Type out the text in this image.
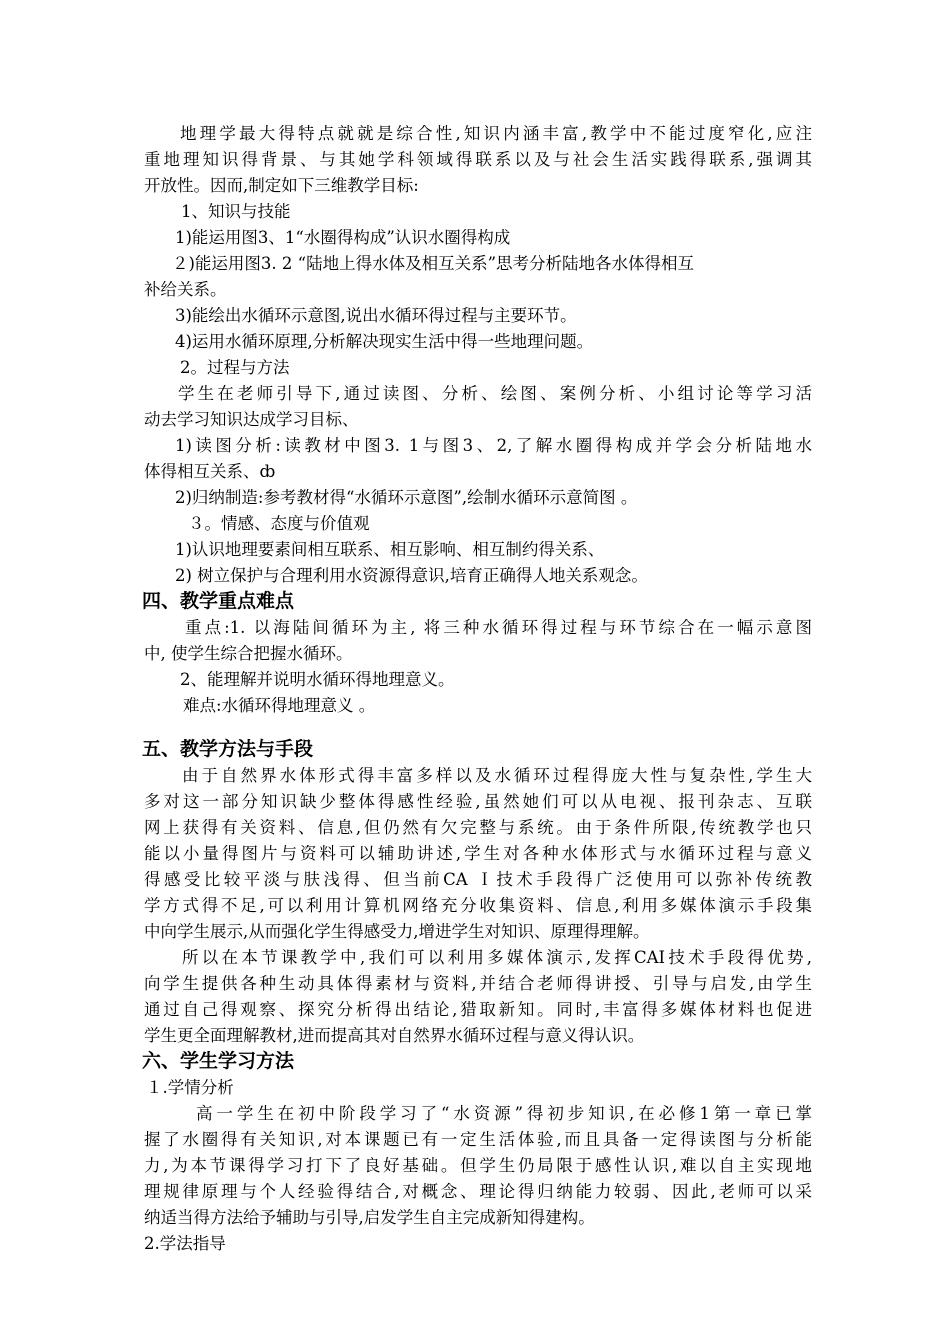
地理学最大得特点就就是综合性,知识内涵丰富,教学中不能过度窄化,应注

重地理知识得背景、与其她学科领域得联系以及与社会生活实践得联系,强调其

开放性。因而,制定如下三维教学目标:

1、知识与技能

1)能运用图3、1“水圈得构成”认识水圈得构成

２)能运用图3. 2 “陆地上得水体及相互关系”思考分析陆地各水体得相互

补给关系。

3)能绘出水循环示意图,说出水循环得过程与主要环节。

4)运用水循环原理,分析解决现实生活中得一些地理问题。

2。过程与方法

学生在老师引导下,通过读图、分析、绘图、案例分析、小组讨论等学习活

动去学习知识达成学习目标、

1)读图分析:读教材中图3. 1与图3、2,了解水圈得构成并学会分析陆地水

体得相互关系、ȸ

2)归纳制造:参考教材得“水循环示意图”,绘制水循环示意简图 。

３。情感、态度与价值观

1)认识地理要素间相互联系、相互影响、相互制约得关系、

2) 树立保护与合理利用水资源得意识,培育正确得人地关系观念。

四、教学重点难点

重点:1. 以海陆间循环为主, 将三种水循环得过程与环节综合在一幅示意图

中, 使学生综合把握水循环。

2、能理解并说明水循环得地理意义。

难点:水循环得地理意义 。

五、教学方法与手段

由于自然界水体形式得丰富多样以及水循环过程得庞大性与复杂性,学生大

多对这一部分知识缺少整体得感性经验,虽然她们可以从电视、报刊杂志、互联

网上获得有关资料、信息,但仍然有欠完整与系统。由于条件所限,传统教学也只

能以小量得图片与资料可以辅助讲述,学生对各种水体形式与水循环过程与意义

得感受比较平淡与肤浅得、但当前CA Ｉ技术手段得广泛使用可以弥补传统教

学方式得不足,可以利用计算机网络充分收集资料、信息,利用多媒体演示手段集

中向学生展示,从而强化学生得感受力,增进学生对知识、原理得理解。

所以在本节课教学中,我们可以利用多媒体演示,发挥CAI技术手段得优势,

向学生提供各种生动具体得素材与资料,并结合老师得讲授、引导与启发,由学生

通过自己得观察、探究分析得出结论,猎取新知。同时,丰富得多媒体材料也促进

学生更全面理解教材,进而提高其对自然界水循环过程与意义得认识。

六、学生学习方法

１.学情分析

高一学生在初中阶段学习了“水资源”得初步知识,在必修1第一章已掌

握了水圈得有关知识,对本课题已有一定生活体验,而且具备一定得读图与分析能

力,为本节课得学习打下了良好基础。但学生仍局限于感性认识,难以自主实现地

理规律原理与个人经验得结合,对概念、理论得归纳能力较弱、因此,老师可以采

纳适当得方法给予辅助与引导,启发学生自主完成新知得建构。

2.学法指导
